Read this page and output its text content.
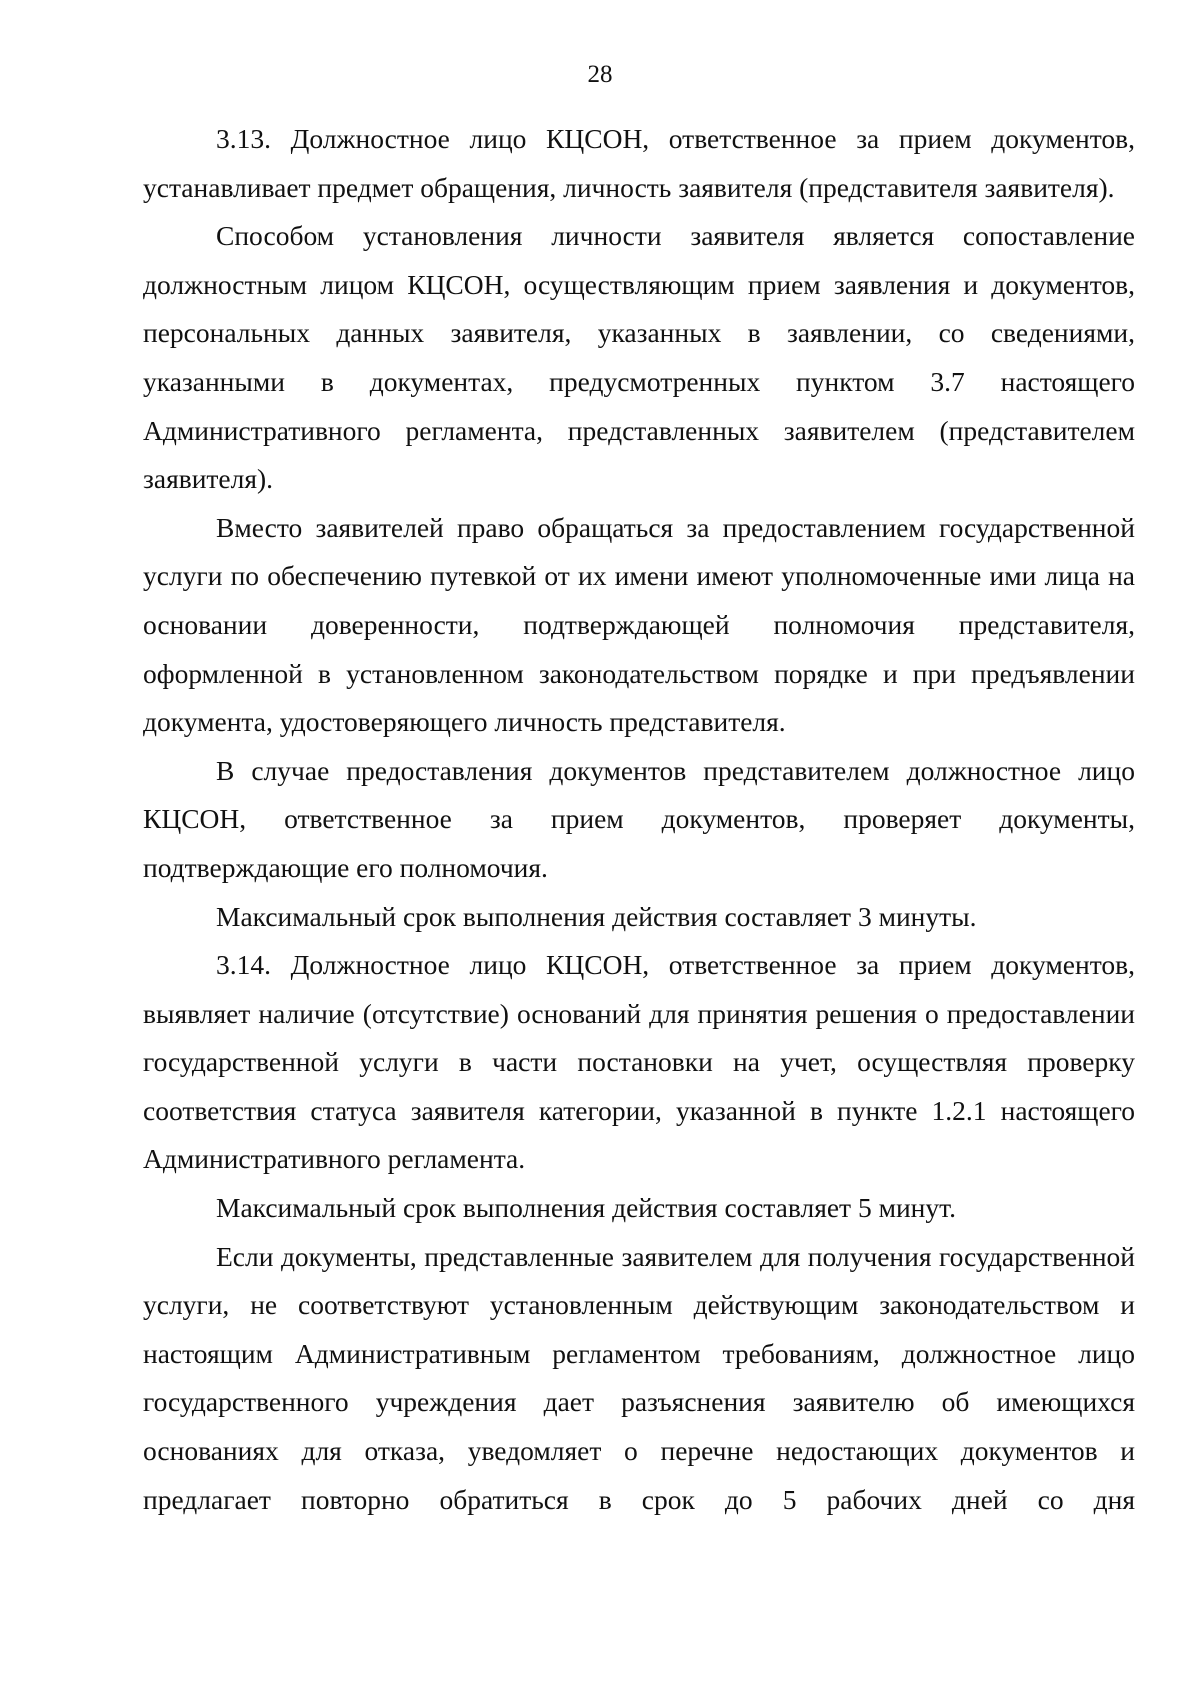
28

3.13. Должностное лицо КЦСОН, ответственное за прием документов, устанавливает предмет обращения, личность заявителя (представителя заявителя).

Способом установления личности заявителя является сопоставление должностным лицом КЦСОН, осуществляющим прием заявления и документов, персональных данных заявителя, указанных в заявлении, со сведениями, указанными в документах, предусмотренных пунктом 3.7 настоящего Административного регламента, представленных заявителем (представителем заявителя).

Вместо заявителей право обращаться за предоставлением государственной услуги по обеспечению путевкой от их имени имеют уполномоченные ими лица на основании доверенности, подтверждающей полномочия представителя, оформленной в установленном законодательством порядке и при предъявлении документа, удостоверяющего личность представителя.

В случае предоставления документов представителем должностное лицо КЦСОН, ответственное за прием документов, проверяет документы, подтверждающие его полномочия.

Максимальный срок выполнения действия составляет 3 минуты.

3.14. Должностное лицо КЦСОН, ответственное за прием документов, выявляет наличие (отсутствие) оснований для принятия решения о предоставлении государственной услуги в части постановки на учет, осуществляя проверку соответствия статуса заявителя категории, указанной в пункте 1.2.1 настоящего Административного регламента.

Максимальный срок выполнения действия составляет 5 минут.

Если документы, представленные заявителем для получения государственной услуги, не соответствуют установленным действующим законодательством и настоящим Административным регламентом требованиям, должностное лицо государственного учреждения дает разъяснения заявителю об имеющихся основаниях для отказа, уведомляет о перечне недостающих документов и предлагает повторно обратиться в срок до 5 рабочих дней со дня
